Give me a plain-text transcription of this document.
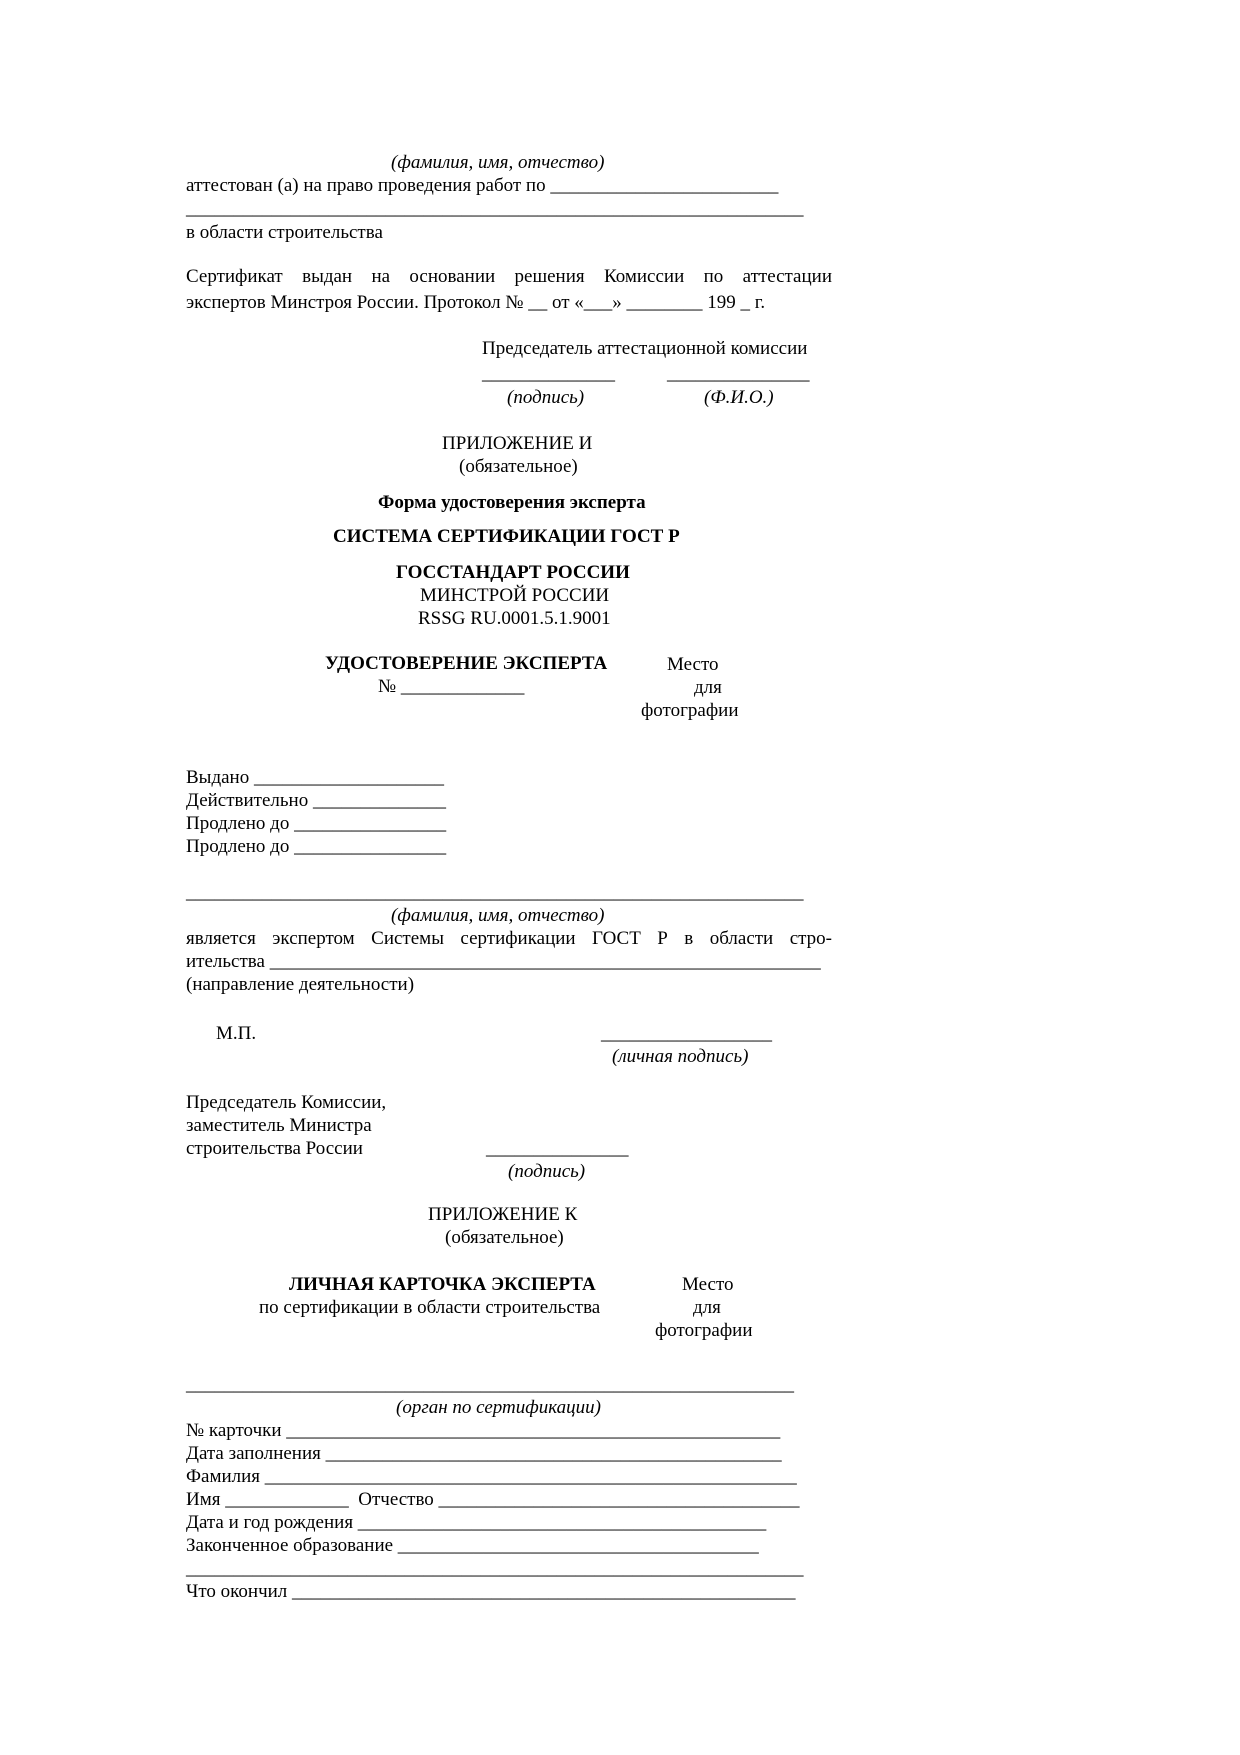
(фамилия, имя, отчество)
аттестован (а) на право проведения работ по ________________________
_________________________________________________________________
в области строительства
Сертификат выдан на основании решения Комиссии по аттестации
экспертов Минстроя России. Протокол № __ от «___» ________ 199 _ г.
Председатель аттестационной комиссии
______________	_______________
(подпись)	(Ф.И.О.)
ПРИЛОЖЕНИЕ И
(обязательное)
Форма удостоверения эксперта
СИСТЕМА СЕРТИФИКАЦИИ ГОСТ Р
ГОССТАНДАРТ РОССИИ
МИНСТРОЙ РОССИИ
RSSG RU.0001.5.1.9001
УДОСТОВЕРЕНИЕ ЭКСПЕРТА
№ _____________
Место
для
фотографии
Выдано ____________________
Действительно ______________
Продлено до ________________
Продлено до ________________
_________________________________________________________________
(фамилия, имя, отчество)
является экспертом Системы сертификации ГОСТ Р в области стро-
ительства __________________________________________________________
(направление деятельности)
М.П.	__________________
(личная подпись)
Председатель Комиссии,
заместитель Министра
строительства России	_______________
(подпись)
ПРИЛОЖЕНИЕ К
(обязательное)
ЛИЧНАЯ КАРТОЧКА ЭКСПЕРТА
по сертификации в области строительства
Место
для
фотографии
________________________________________________________________
(орган по сертификации)
№ карточки ____________________________________________________
Дата заполнения ________________________________________________
Фамилия ________________________________________________________
Имя _____________  Отчество ______________________________________
Дата и год рождения ___________________________________________
Законченное образование ______________________________________
_________________________________________________________________
Что окончил _____________________________________________________
